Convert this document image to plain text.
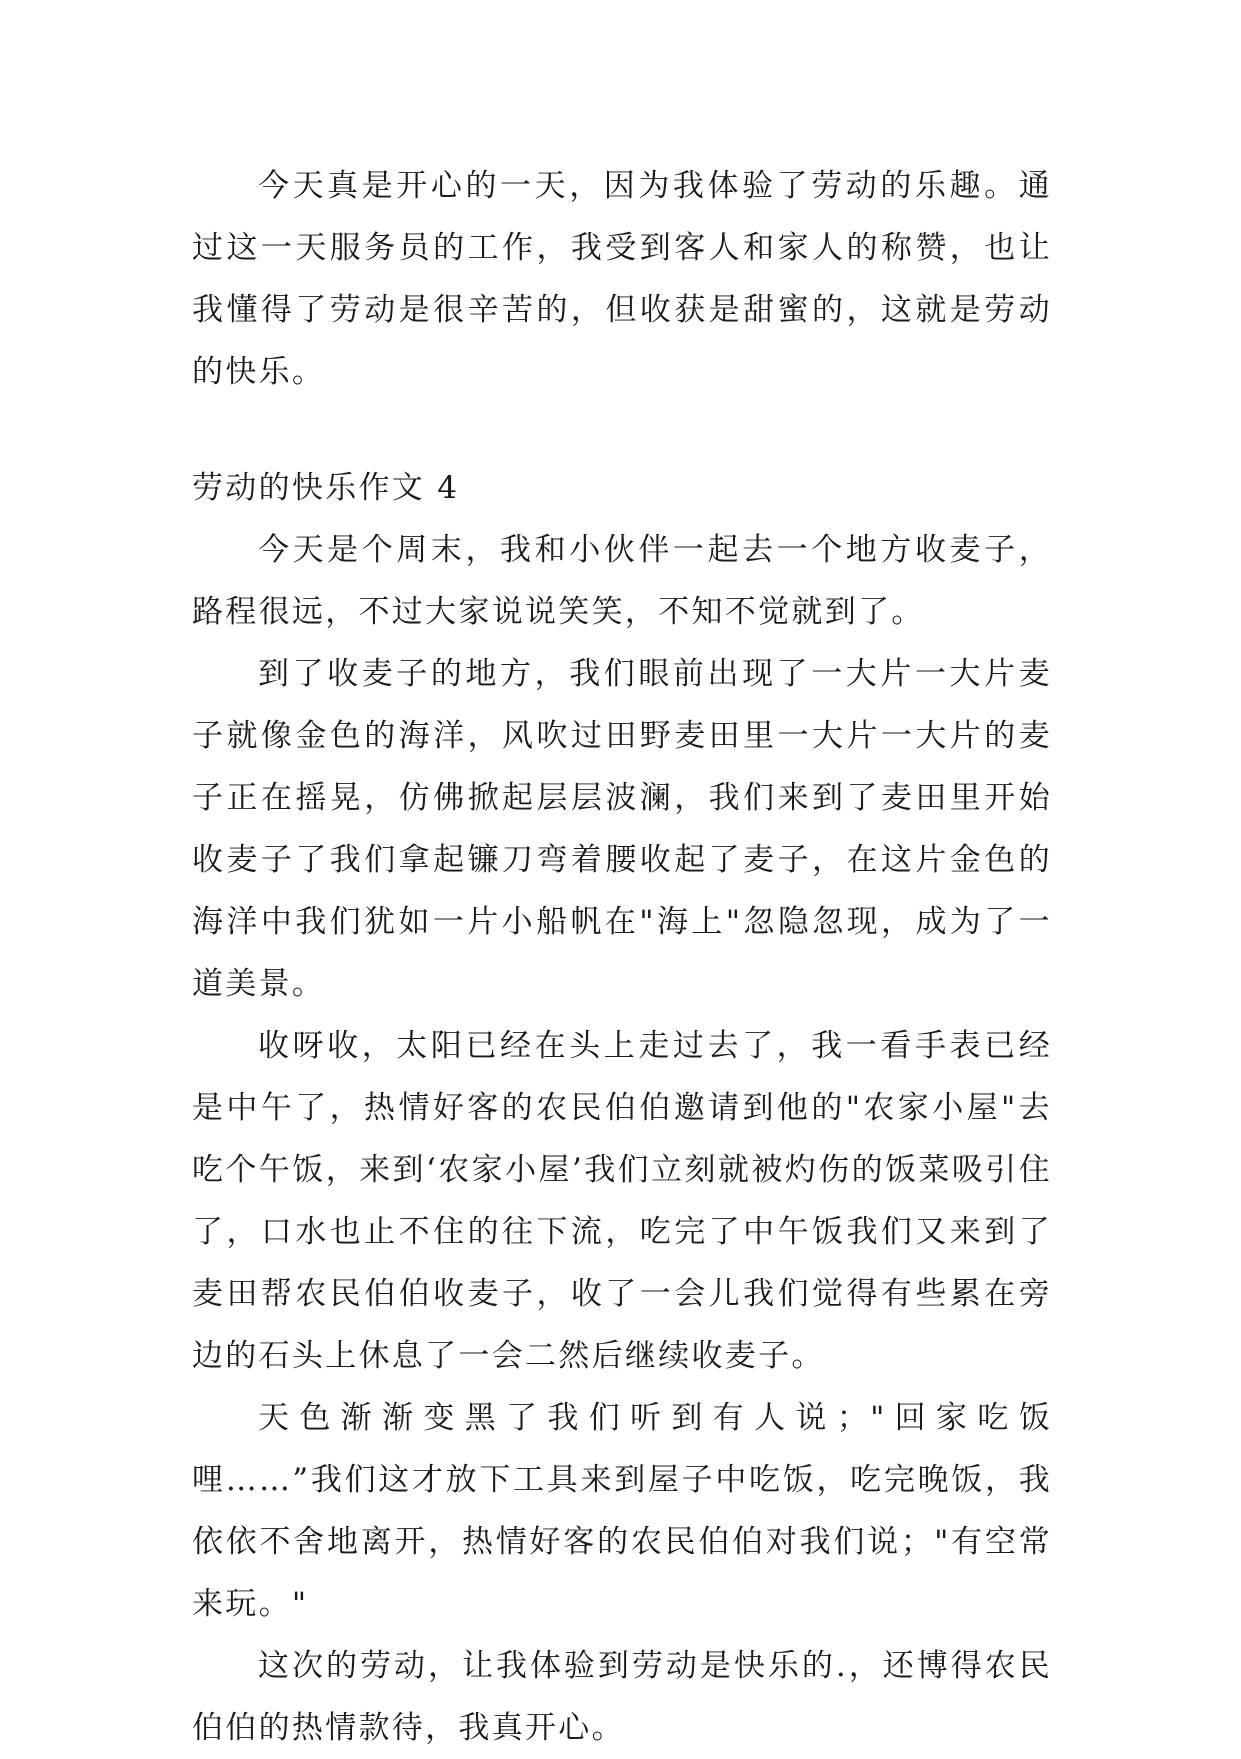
今天真是开心的一天，因为我体验了劳动的乐趣。通过这一天服务员的工作，我受到客人和家人的称赞，也让我懂得了劳动是很辛苦的，但收获是甜蜜的，这就是劳动的快乐。

劳动的快乐作文 4

今天是个周末，我和小伙伴一起去一个地方收麦子，路程很远，不过大家说说笑笑，不知不觉就到了。

到了收麦子的地方，我们眼前出现了一大片一大片麦子就像金色的海洋，风吹过田野麦田里一大片一大片的麦子正在摇晃，仿佛掀起层层波澜，我们来到了麦田里开始收麦子了我们拿起镰刀弯着腰收起了麦子，在这片金色的海洋中我们犹如一片小船帆在"海上"忽隐忽现，成为了一道美景。

收呀收，太阳已经在头上走过去了，我一看手表已经是中午了，热情好客的农民伯伯邀请到他的"农家小屋"去吃个午饭，来到‘农家小屋’我们立刻就被灼伤的饭菜吸引住了，口水也止不住的往下流，吃完了中午饭我们又来到了麦田帮农民伯伯收麦子，收了一会儿我们觉得有些累在旁边的石头上休息了一会二然后继续收麦子。

天色渐渐变黑了我们听到有人说；"回家吃饭哩……”我们这才放下工具来到屋子中吃饭，吃完晚饭，我依依不舍地离开，热情好客的农民伯伯对我们说；"有空常来玩。"

这次的劳动，让我体验到劳动是快乐的.，还博得农民伯伯的热情款待，我真开心。
